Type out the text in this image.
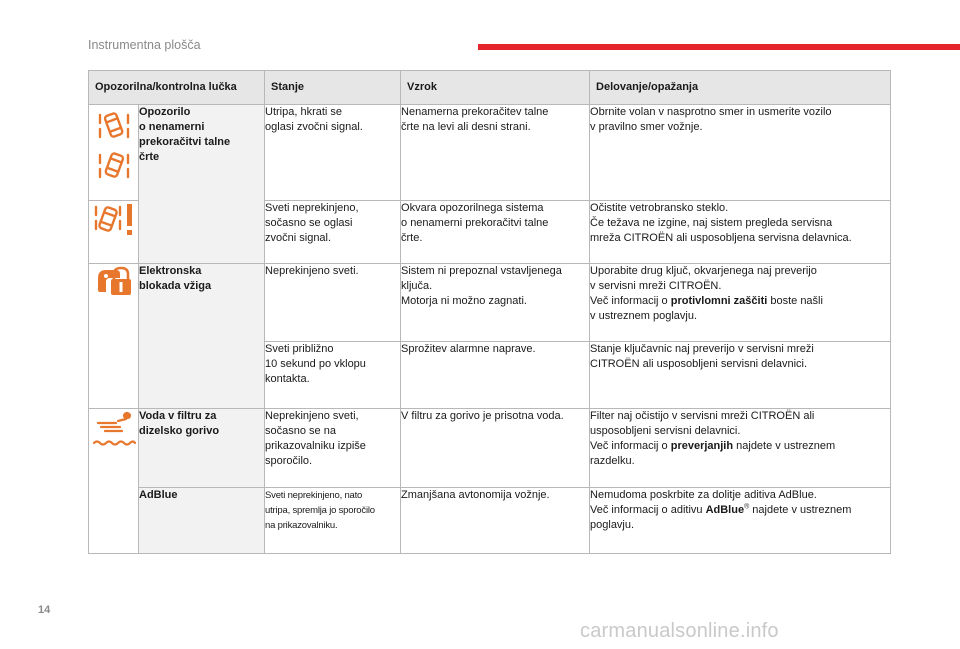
Instrumentna plošča
Opozorilna/kontrolna lučka		Stanje	Vzrok	Delovanje/opažanja

	Opozorilo
o nenamerni
prekoračitvi talne
črte	Utripa, hkrati se
oglasi zvočni signal.	Nenamerna prekoračitev talne
črte na levi ali desni strani.	Obrnite volan v nasprotno smer in usmerite vozilo
v pravilno smer vožnje.

	Sveti neprekinjeno,
sočasno se oglasi
zvočni signal.	Okvara opozorilnega sistema
o nenamerni prekoračitvi talne
črte.	Očistite vetrobransko steklo.
Če težava ne izgine, naj sistem pregleda servisna
mreža CITROËN ali usposobljena servisna delavnica.

	Elektronska
blokada vžiga	Neprekinjeno sveti.	Sistem ni prepoznal vstavljenega
ključa.
Motorja ni možno zagnati.	Uporabite drug ključ, okvarjenega naj preverijo
v servisni mreži CITROËN.
Več informacij o protivlomni zaščiti boste našli
v ustreznem poglavju.
		Sveti približno
10 sekund po vklopu
kontakta.	Sprožitev alarmne naprave.	Stanje ključavnic naj preverijo v servisni mreži
CITROËN ali usposobljeni servisni delavnici.

	Voda v filtru za
dizelsko gorivo	Neprekinjeno sveti,
sočasno se na
prikazovalniku izpiše
sporočilo.	V filtru za gorivo je prisotna voda.	Filter naj očistijo v servisni mreži CITROËN ali
usposobljeni servisni delavnici.
Več informacij o preverjanjih najdete v ustreznem
razdelku.
	AdBlue	Sveti neprekinjeno, nato
utripa, spremlja jo sporočilo
na prikazovalniku.	Zmanjšana avtonomija vožnje.	Nemudoma poskrbite za dolitje aditiva AdBlue.
Več informacij o aditivu AdBlue® najdete v ustreznem
poglavju.
14
carmanualsonline.info
